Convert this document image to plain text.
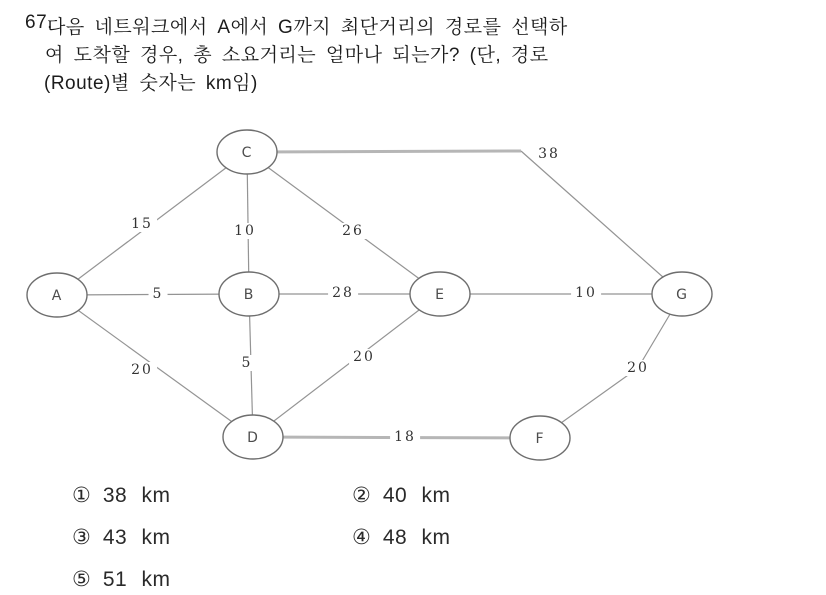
67.
다음 네트워크에서 A에서 G까지 최단거리의 경로를 선택하
여 도착할 경우, 총 소요거리는 얼마나 되는가? (단, 경로
(Route)별 숫자는 km임)
A	B
C
D
E
F
G
15
5
20
10	26
38
28
5	20
10
18
20
① 38 km	② 40 km
③ 43 km	④ 48 km
⑤ 51 km
